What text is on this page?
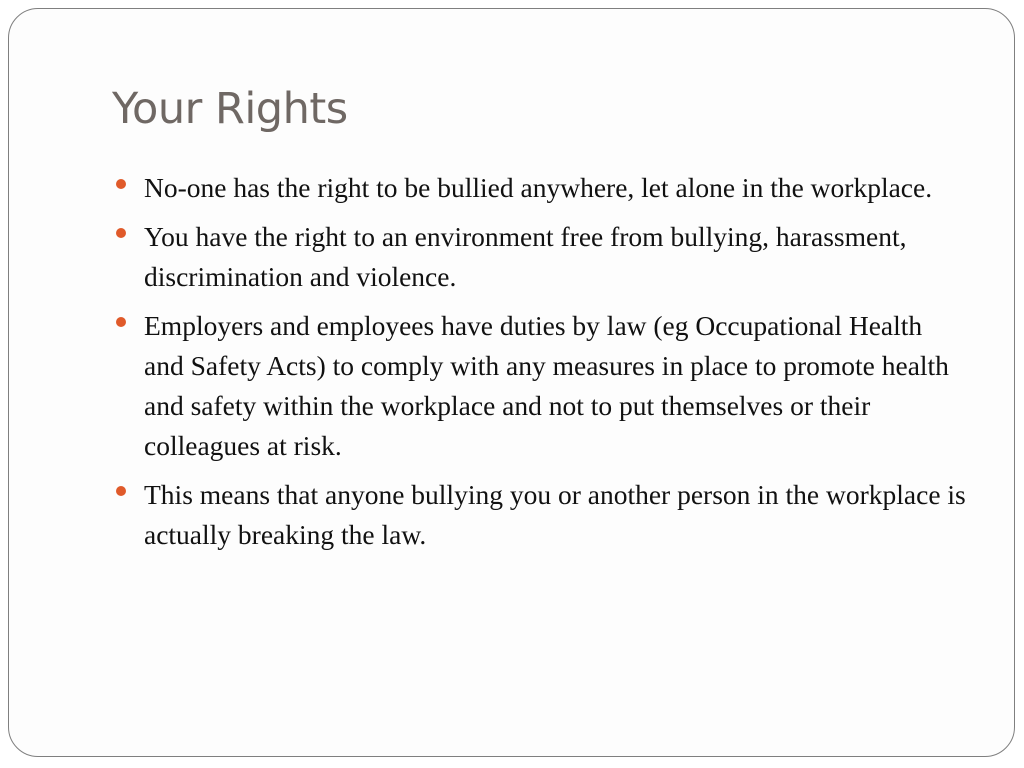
Your Rights
No-one has the right to be bullied anywhere, let alone in the workplace.
You have the right to an environment free from bullying, harassment, discrimination and violence.
Employers and employees have duties by law (eg Occupational Health and Safety Acts) to comply with any measures in place to promote health and safety within the workplace and not to put themselves or their colleagues at risk.
This means that anyone bullying you or another person in the workplace is actually breaking the law.
